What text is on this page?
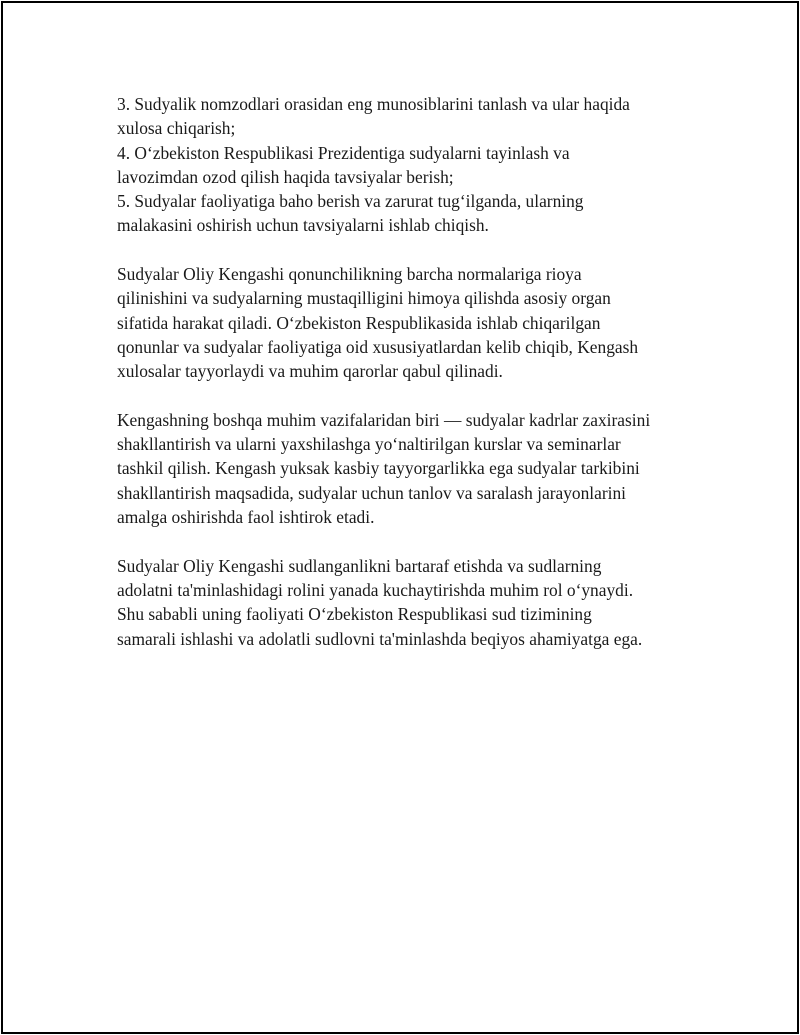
3. Sudyalik nomzodlari orasidan eng munosiblarini tanlash va ular haqida
xulosa chiqarish;
4. O‘zbekiston Respublikasi Prezidentiga sudyalarni tayinlash va
lavozimdan ozod qilish haqida tavsiyalar berish;
5. Sudyalar faoliyatiga baho berish va zarurat tug‘ilganda, ularning
malakasini oshirish uchun tavsiyalarni ishlab chiqish.
Sudyalar Oliy Kengashi qonunchilikning barcha normalariga rioya
qilinishini va sudyalarning mustaqilligini himoya qilishda asosiy organ
sifatida harakat qiladi. O‘zbekiston Respublikasida ishlab chiqarilgan
qonunlar va sudyalar faoliyatiga oid xususiyatlardan kelib chiqib, Kengash
xulosalar tayyorlaydi va muhim qarorlar qabul qilinadi.
Kengashning boshqa muhim vazifalaridan biri — sudyalar kadrlar zaxirasini
shakllantirish va ularni yaxshilashga yo‘naltirilgan kurslar va seminarlar
tashkil qilish. Kengash yuksak kasbiy tayyorgarlikka ega sudyalar tarkibini
shakllantirish maqsadida, sudyalar uchun tanlov va saralash jarayonlarini
amalga oshirishda faol ishtirok etadi.
Sudyalar Oliy Kengashi sudlanganlikni bartaraf etishda va sudlarning
adolatni ta'minlashidagi rolini yanada kuchaytirishda muhim rol o‘ynaydi.
Shu sababli uning faoliyati O‘zbekiston Respublikasi sud tizimining
samarali ishlashi va adolatli sudlovni ta'minlashda beqiyos ahamiyatga ega.
